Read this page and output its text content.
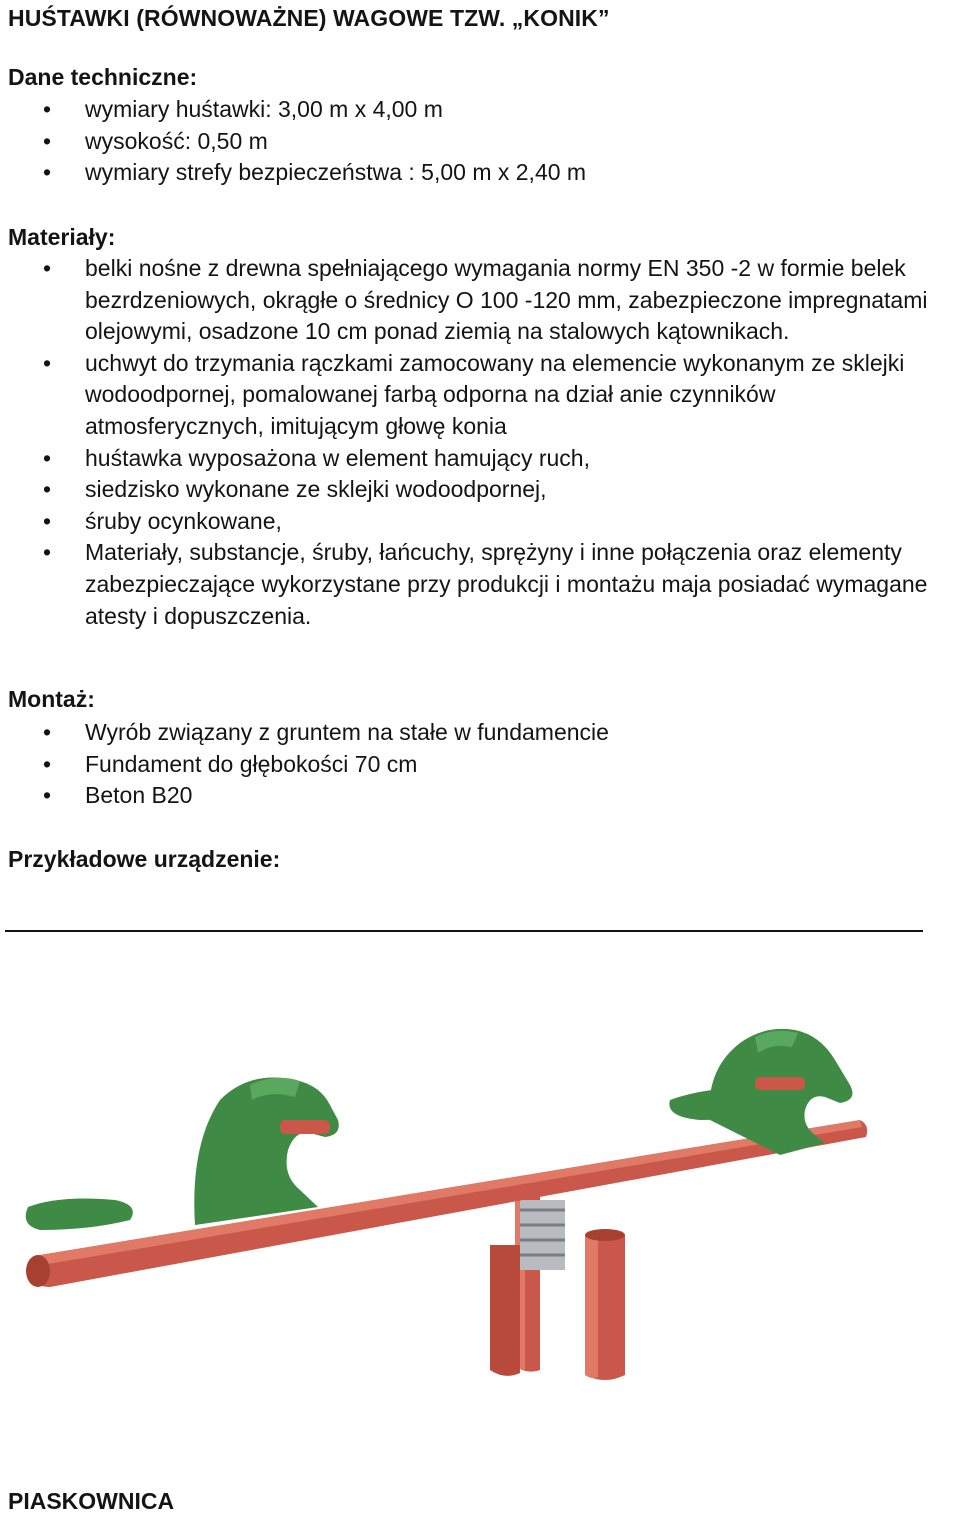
HUŚTAWKI (RÓWNOWAŻNE) WAGOWE TZW. „KONIK”
Dane techniczne:
• wymiary huśtawki: 3,00 m x 4,00 m
• wysokość: 0,50 m
• wymiary strefy bezpieczeństwa : 5,00 m x 2,40 m
Materiały:
• belki nośne z drewna spełniającego wymagania normy EN 350 -2 w formie belek bezrdzeniowych, okrągłe o średnicy O 100 -120 mm, zabezpieczone impregnatami olejowymi, osadzone 10 cm ponad ziemią na stalowych kątownikach.
• uchwyt do trzymania rączkami zamocowany na elemencie wykonanym ze sklejki wodoodpornej, pomalowanej farbą odporna na dział anie czynników atmosferycznych, imitującym głowę konia
• huśtawka wyposażona w element hamujący ruch,
• siedzisko wykonane ze sklejki wodoodpornej,
• śruby ocynkowane,
• Materiały, substancje, śruby, łańcuchy, sprężyny i inne połączenia oraz elementy zabezpieczające wykorzystane przy produkcji i montażu maja posiadać wymagane atesty i dopuszczenia.
Montaż:
• Wyrób związany z gruntem na stałe w fundamencie
• Fundament do głębokości 70 cm
• Beton B20
Przykładowe urządzenie:
PIASKOWNICA
